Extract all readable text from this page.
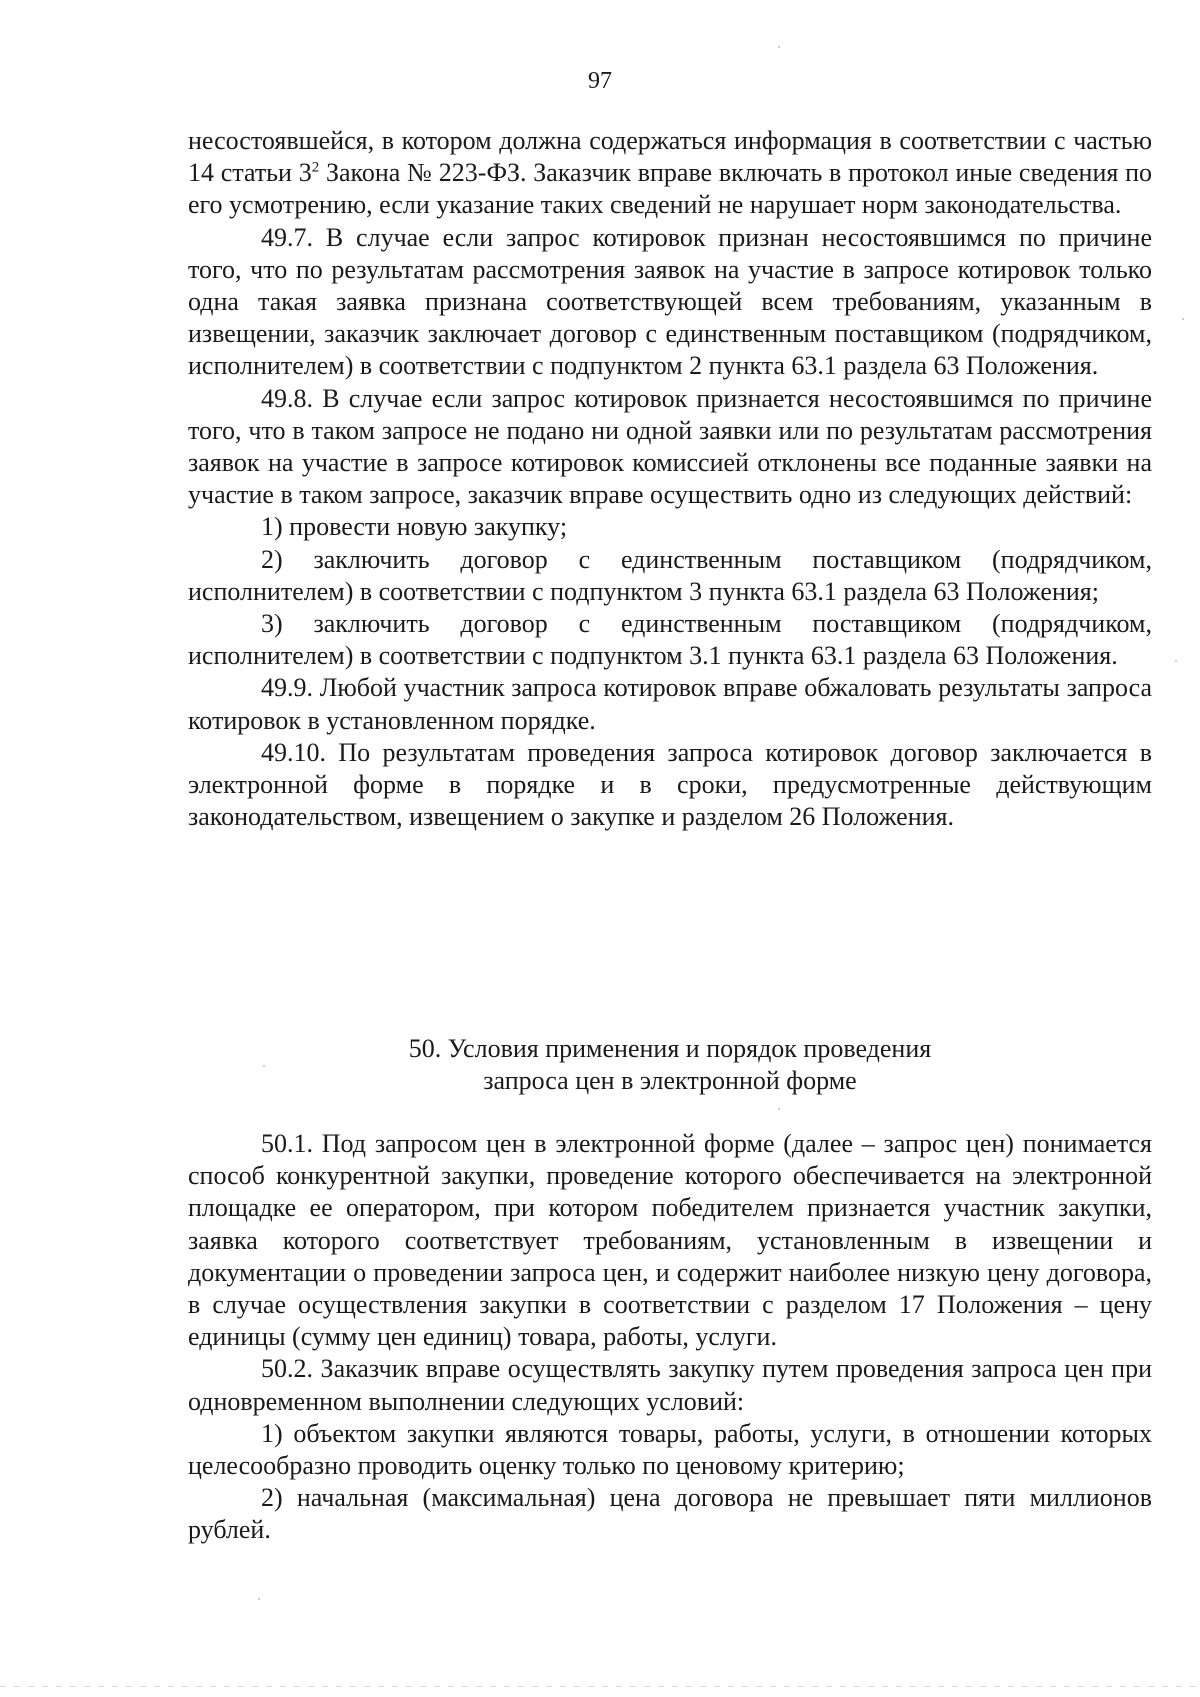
97

несостоявшейся, в котором должна содержаться информация в соответствии с частью 14 статьи $3^2$ Закона № 223-ФЗ. Заказчик вправе включать в протокол иные сведения по его усмотрению, если указание таких сведений не нарушает норм законодательства.

49.7. В случае если запрос котировок признан несостоявшимся по причине того, что по результатам рассмотрения заявок на участие в запросе котировок только одна такая заявка признана соответствующей всем требованиям, указанным в извещении, заказчик заключает договор с единственным поставщиком (подрядчиком, исполнителем) в соответствии с подпунктом 2 пункта 63.1 раздела 63 Положения.

49.8. В случае если запрос котировок признается несостоявшимся по причине того, что в таком запросе не подано ни одной заявки или по результатам рассмотрения заявок на участие в запросе котировок комиссией отклонены все поданные заявки на участие в таком запросе, заказчик вправе осуществить одно из следующих действий:

1) провести новую закупку;

2) заключить договор с единственным поставщиком (подрядчиком, исполнителем) в соответствии с подпунктом 3 пункта 63.1 раздела 63 Положения;

3) заключить договор с единственным поставщиком (подрядчиком, исполнителем) в соответствии с подпунктом 3.1 пункта 63.1 раздела 63 Положения.

49.9. Любой участник запроса котировок вправе обжаловать результаты запроса котировок в установленном порядке.

49.10. По результатам проведения запроса котировок договор заключается в электронной форме в порядке и в сроки, предусмотренные действующим законодательством, извещением о закупке и разделом 26 Положения.

50. Условия применения и порядок проведения
запроса цен в электронной форме

50.1. Под запросом цен в электронной форме (далее – запрос цен) понимается способ конкурентной закупки, проведение которого обеспечивается на электронной площадке ее оператором, при котором победителем признается участник закупки, заявка которого соответствует требованиям, установленным в извещении и документации о проведении запроса цен, и содержит наиболее низкую цену договора, в случае осуществления закупки в соответствии с разделом 17 Положения – цену единицы (сумму цен единиц) товара, работы, услуги.

50.2. Заказчик вправе осуществлять закупку путем проведения запроса цен при одновременном выполнении следующих условий:

1) объектом закупки являются товары, работы, услуги, в отношении которых целесообразно проводить оценку только по ценовому критерию;

2) начальная (максимальная) цена договора не превышает пяти миллионов рублей.
